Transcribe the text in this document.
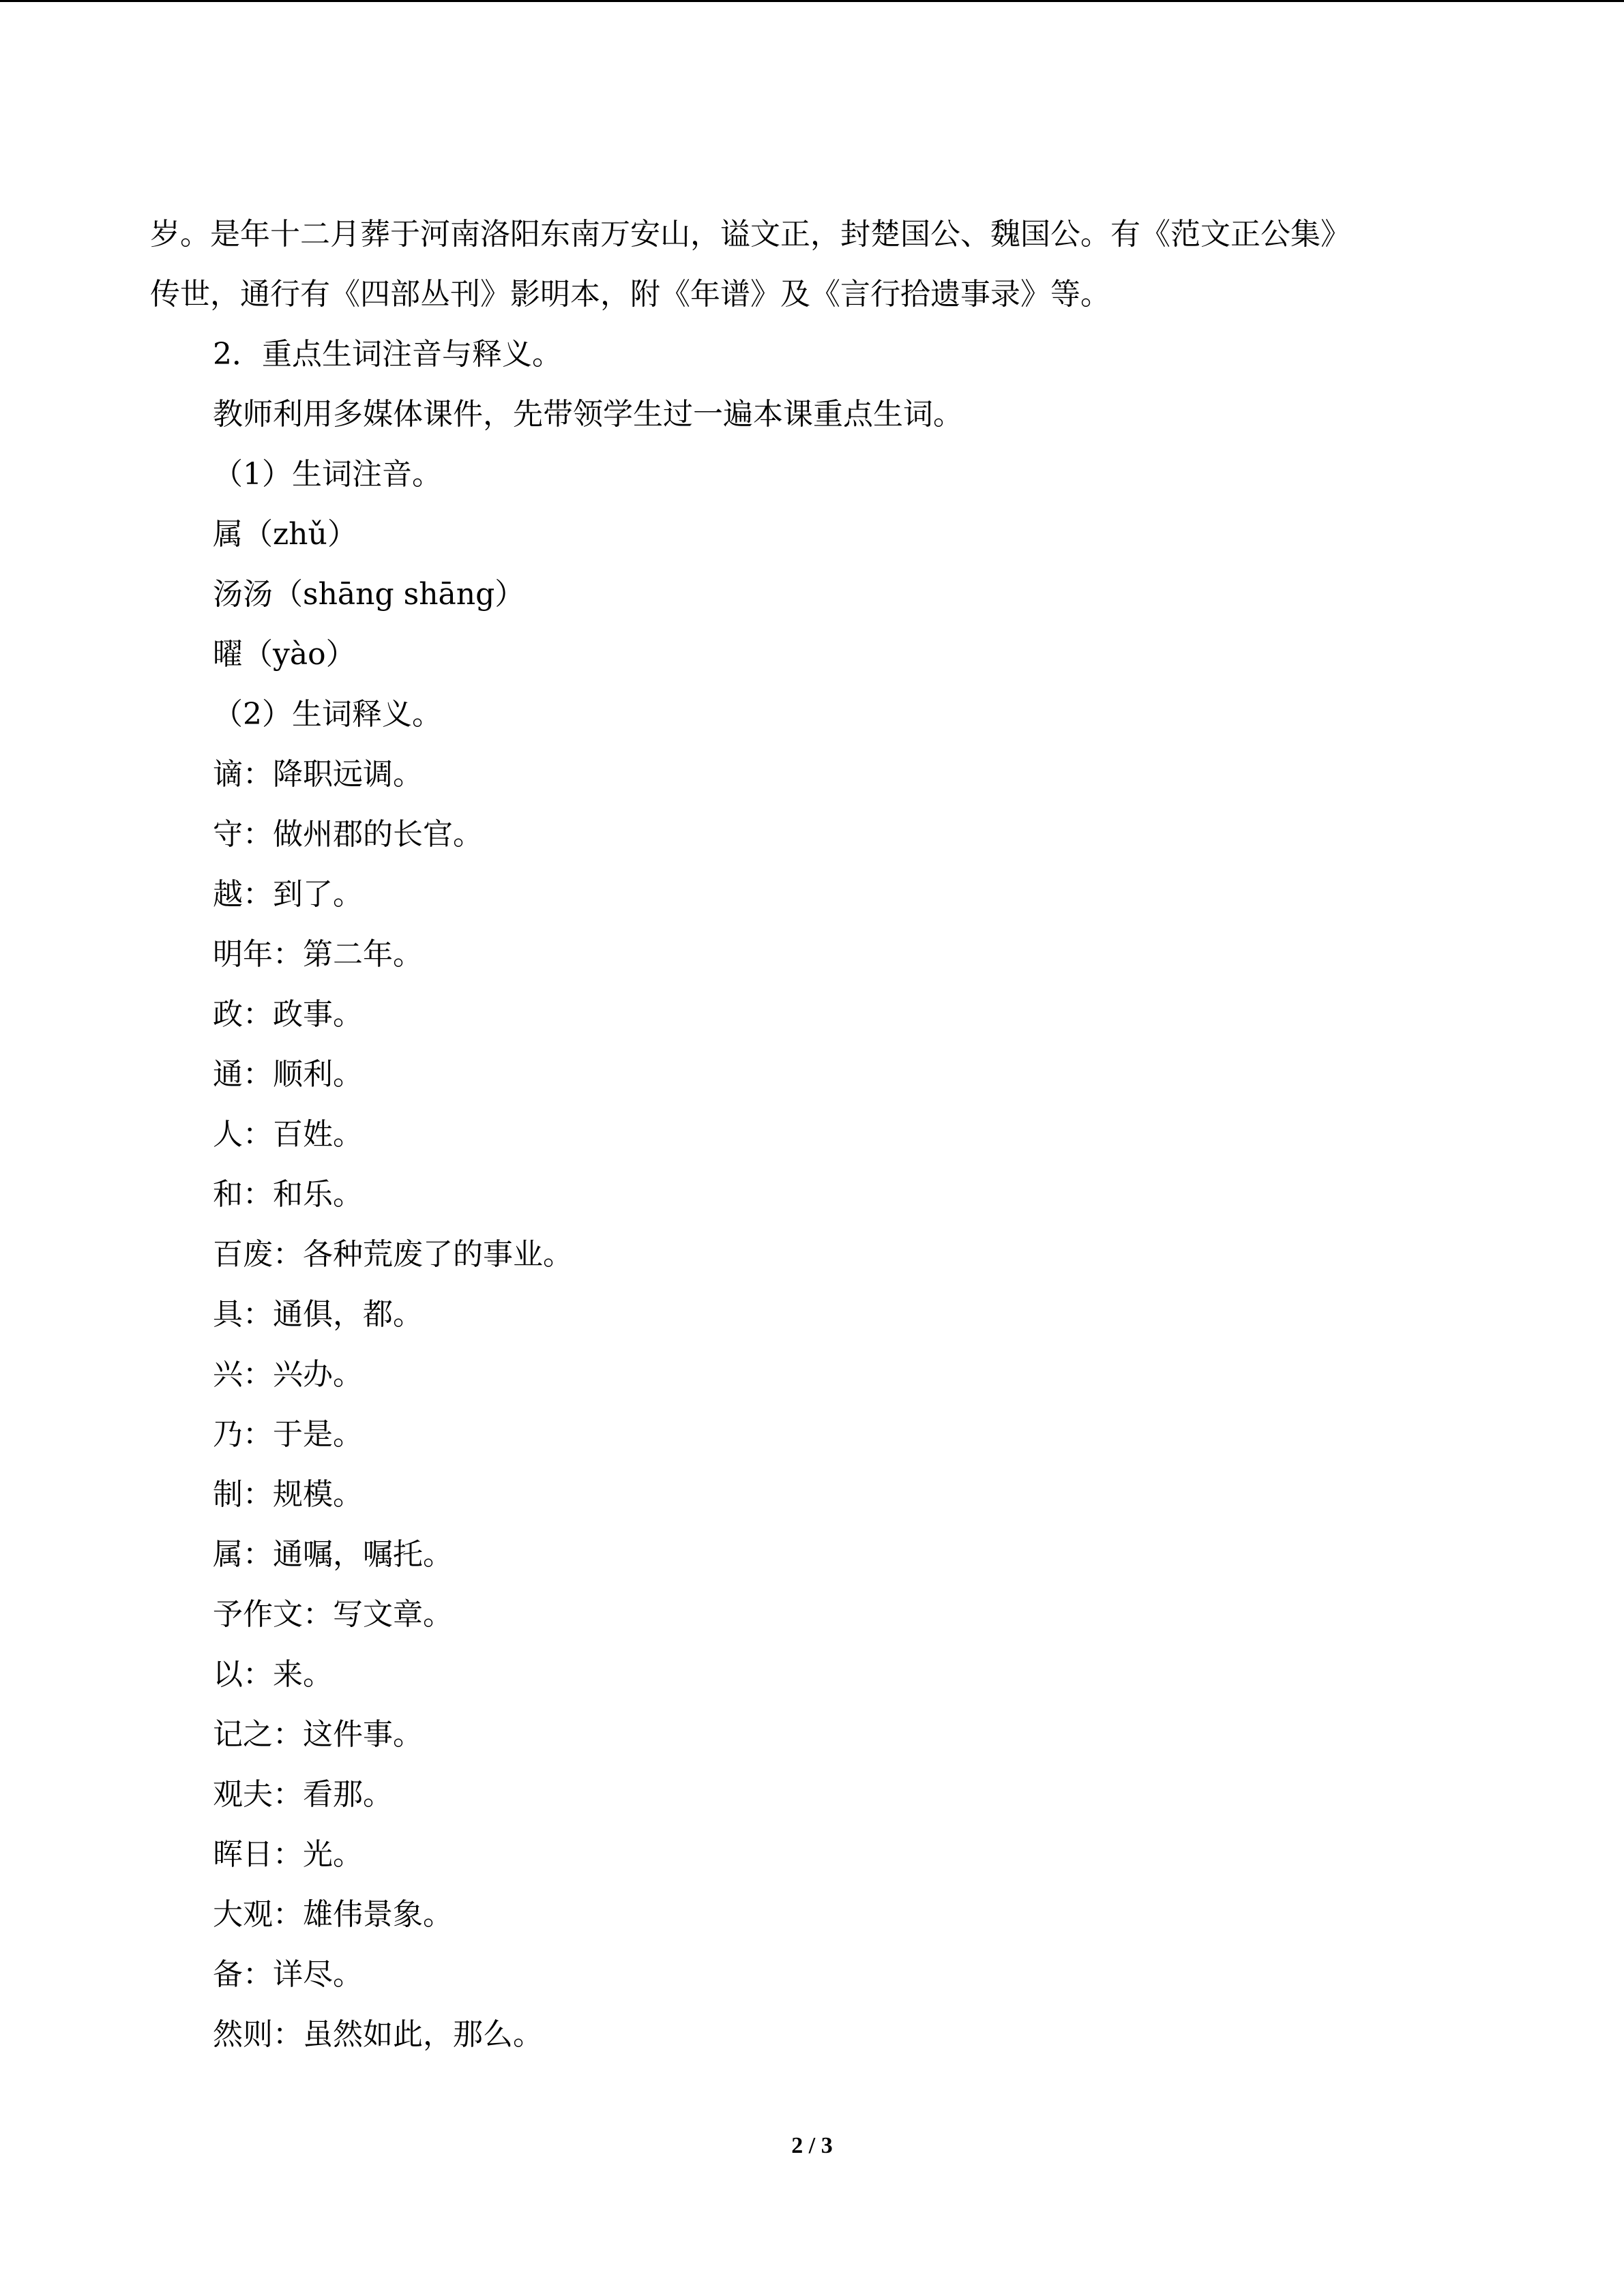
岁。是年十二月葬于河南洛阳东南万安山，谥文正，封楚国公、魏国公。有《范文正公集》
传世，通行有《四部丛刊》影明本，附《年谱》及《言行拾遗事录》等。
2．重点生词注音与释义。
教师利用多媒体课件，先带领学生过一遍本课重点生词。
（1）生词注音。
属（zhǔ）
汤汤（shāng shāng）
曜（yào）
（2）生词释义。
谪：降职远调。
守：做州郡的长官。
越：到了。
明年：第二年。
政：政事。
通：顺利。
人：百姓。
和：和乐。
百废：各种荒废了的事业。
具：通俱，都。
兴：兴办。
乃：于是。
制：规模。
属：通嘱，嘱托。
予作文：写文章。
以：来。
记之：这件事。
观夫：看那。
晖日：光。
大观：雄伟景象。
备：详尽。
然则：虽然如此，那么。
2 / 3
